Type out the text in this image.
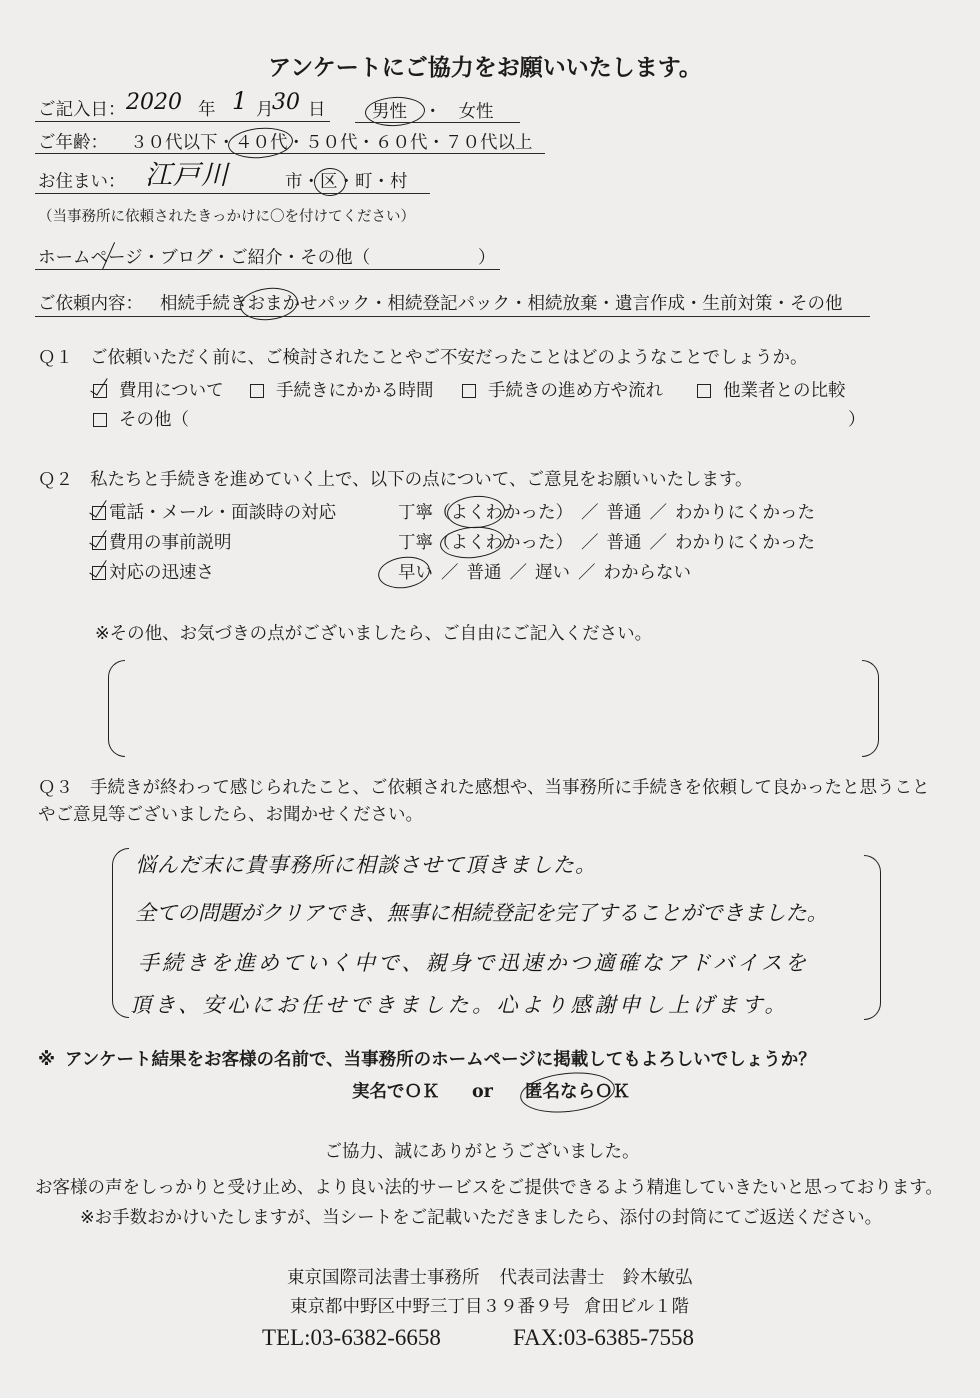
アンケートにご協力をお願いいたします。
ご記入日： 2020 年 1 月
30 日	男性 ・ 女性
ご年齢： ３０代以下 ・ ４０代 ・ ５０代 ・ ６０代 ・ ７０代以上
お住まい： 江戸川	市 ・ 区 ・ 町 ・ 村
（当事務所に依頼されたきっかけに〇を付けてください）
ホームページ ・ ブログ ・ ご紹介 ・ その他（	）
ご依頼内容： 相続手続きおまかせパック ・ 相続登記パック ・ 相続放棄 ・ 遺言作成 ・ 生前対策 ・ その他
Ｑ１ ご依頼いただく前に、ご検討されたことやご不安だったことはどのようなことでしょうか。
費用について	手続きにかかる時間	手続きの進め方や流れ	他業者との比較
その他（	）
Ｑ２ 私たちと手続きを進めていく上で、以下の点について、ご意見をお願いいたします。
電話・メール・面談時の対応	丁寧（よくわかった） ／ 普通 ／ わかりにくかった
費用の事前説明	丁寧（よくわかった） ／ 普通 ／ わかりにくかった
対応の迅速さ	早い ／ 普通 ／ 遅い ／ わからない
※その他、お気づきの点がございましたら、ご自由にご記入ください。
Ｑ３ 手続きが終わって感じられたこと、ご依頼された感想や、当事務所に手続きを依頼して良かったと思うこと
やご意見等ございましたら、お聞かせください。
悩んだ末に貴事務所に相談させて頂きました。
全ての問題がクリアでき、無事に相続登記を完了することができました。
手続きを進めていく中で、親身で迅速かつ適確なアドバイスを
頂き、安心にお任せできました。心より感謝申し上げます。
※ アンケート結果をお客様の名前で、当事務所のホームページに掲載してもよろしいでしょうか？
実名でＯＫ or 匿名ならＯＫ
ご協力、誠にありがとうございました。
お客様の声をしっかりと受け止め、より良い法的サービスをご提供できるよう精進していきたいと思っております。
※お手数おかけいたしますが、当シートをご記載いただきましたら、添付の封筒にてご返送ください。
東京国際司法書士事務所 代表司法書士 鈴木敏弘
東京都中野区中野三丁目３９番９号 倉田ビル１階
TEL:03-6382-6658	FAX:03-6385-7558
